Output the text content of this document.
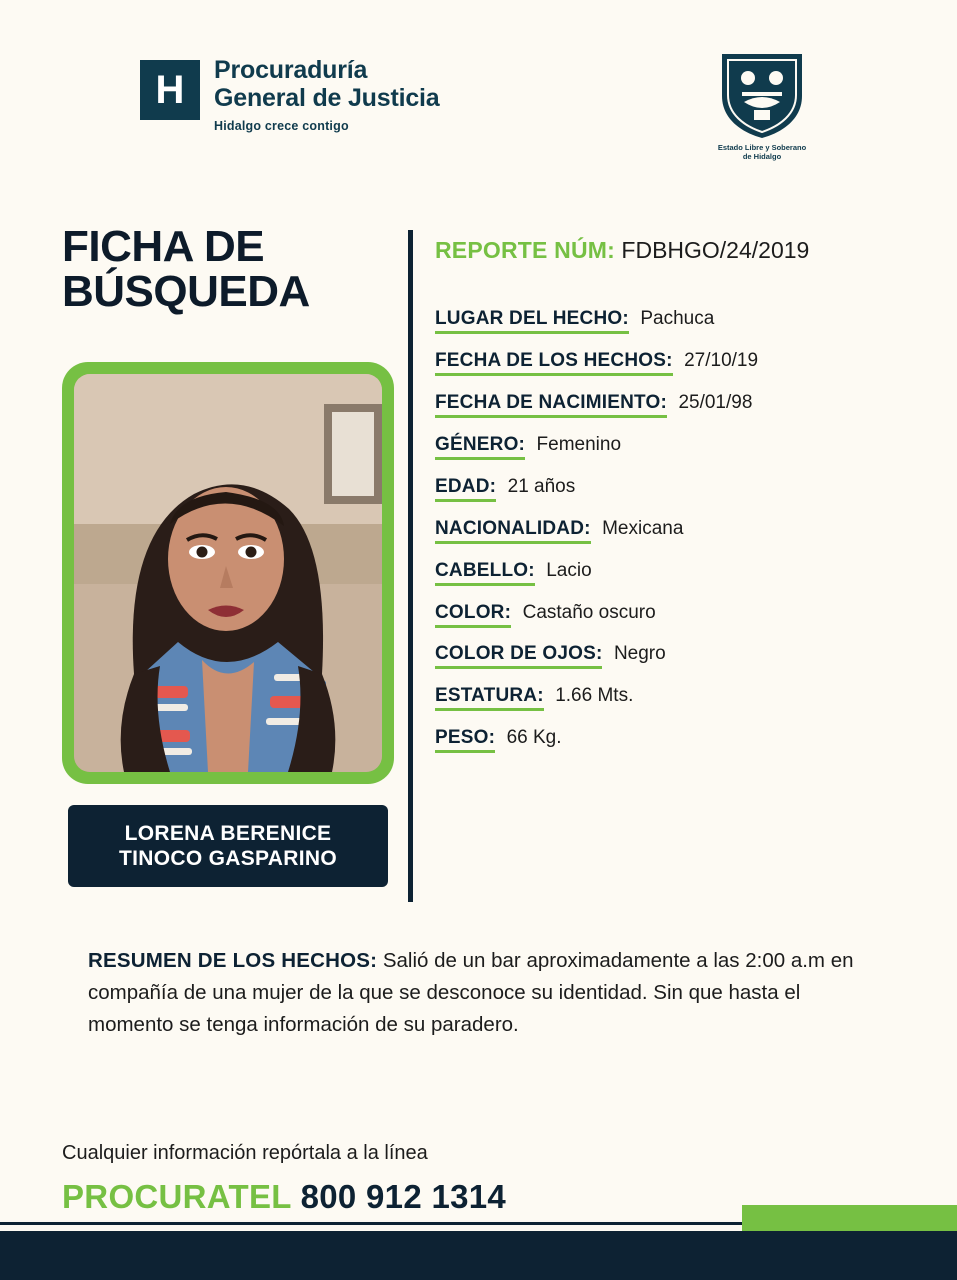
H Procuraduría
General de Justicia
Hidalgo crece contigo
Estado Libre y Soberano
de Hidalgo
FICHA DE BÚSQUEDA
LORENA BERENICE
TINOCO GASPARINO
REPORTE NÚM: FDBHGO/24/2019
LUGAR DEL HECHO: Pachuca
FECHA DE LOS HECHOS: 27/10/19
FECHA DE NACIMIENTO: 25/01/98
GÉNERO: Femenino
EDAD: 21 años
NACIONALIDAD: Mexicana
CABELLO: Lacio
COLOR: Castaño oscuro
COLOR DE OJOS: Negro
ESTATURA: 1.66 Mts.
PESO: 66 Kg.
RESUMEN DE LOS HECHOS: Salió de un bar aproximadamente a las 2:00 a.m en compañía de una mujer de la que se desconoce su identidad. Sin que hasta el momento se tenga información de su paradero.
Cualquier información repórtala a la línea
PROCURATEL 800 912 1314
